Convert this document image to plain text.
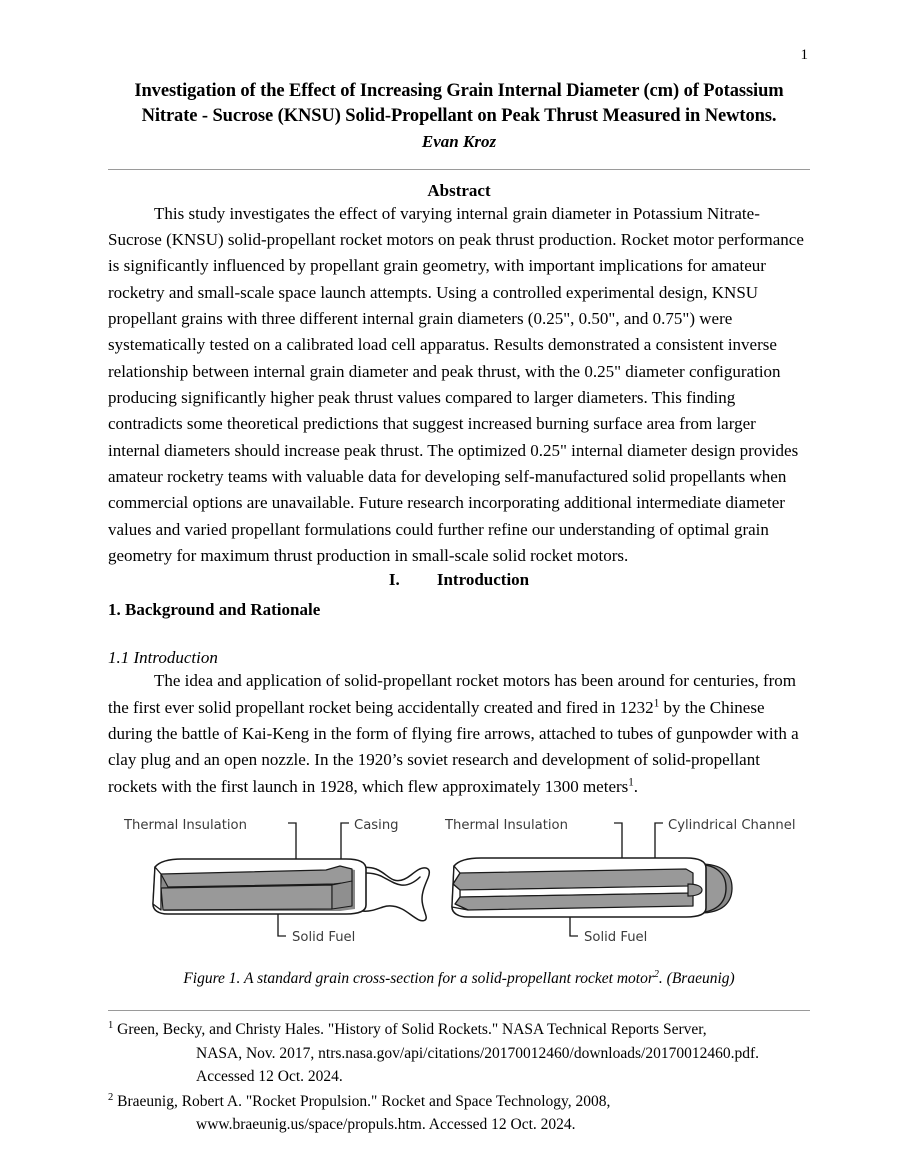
1
Investigation of the Effect of Increasing Grain Internal Diameter (cm) of Potassium Nitrate - Sucrose (KNSU) Solid-Propellant on Peak Thrust Measured in Newtons.
Evan Kroz
Abstract

This study investigates the effect of varying internal grain diameter in Potassium Nitrate-Sucrose (KNSU) solid-propellant rocket motors on peak thrust production. Rocket motor performance is significantly influenced by propellant grain geometry, with important implications for amateur rocketry and small-scale space launch attempts. Using a controlled experimental design, KNSU propellant grains with three different internal grain diameters (0.25", 0.50", and 0.75") were systematically tested on a calibrated load cell apparatus. Results demonstrated a consistent inverse relationship between internal grain diameter and peak thrust, with the 0.25" diameter configuration producing significantly higher peak thrust values compared to larger diameters. This finding contradicts some theoretical predictions that suggest increased burning surface area from larger internal diameters should increase peak thrust. The optimized 0.25" internal diameter design provides amateur rocketry teams with valuable data for developing self-manufactured solid propellants when commercial options are unavailable. Future research incorporating additional intermediate diameter values and varied propellant formulations could further refine our understanding of optimal grain geometry for maximum thrust production in small-scale solid rocket motors.

I. Introduction
1. Background and Rationale
1.1 Introduction

The idea and application of solid-propellant rocket motors has been around for centuries, from the first ever solid propellant rocket being accidentally created and fired in 1232$^1$ by the Chinese during the battle of Kai-Keng in the form of flying fire arrows, attached to tubes of gunpowder with a clay plug and an open nozzle. In the 1920’s soviet research and development of solid-propellant rockets with the first launch in 1928, which flew approximately 1300 meters$^1$.

Thermal Insulation	Casing
Solid Fuel
Thermal Insulation	Cylindrical Channel
Solid Fuel
Figure 1. A standard grain cross-section for a solid-propellant rocket motor$^2$. (Braeunig)
$^1$ Green, Becky, and Christy Hales. "History of Solid Rockets." NASA Technical Reports Server,
NASA, Nov. 2017, ntrs.nasa.gov/api/citations/20170012460/downloads/20170012460.pdf.
Accessed 12 Oct. 2024.
$^2$ Braeunig, Robert A. "Rocket Propulsion." Rocket and Space Technology, 2008,
www.braeunig.us/space/propuls.htm. Accessed 12 Oct. 2024.
